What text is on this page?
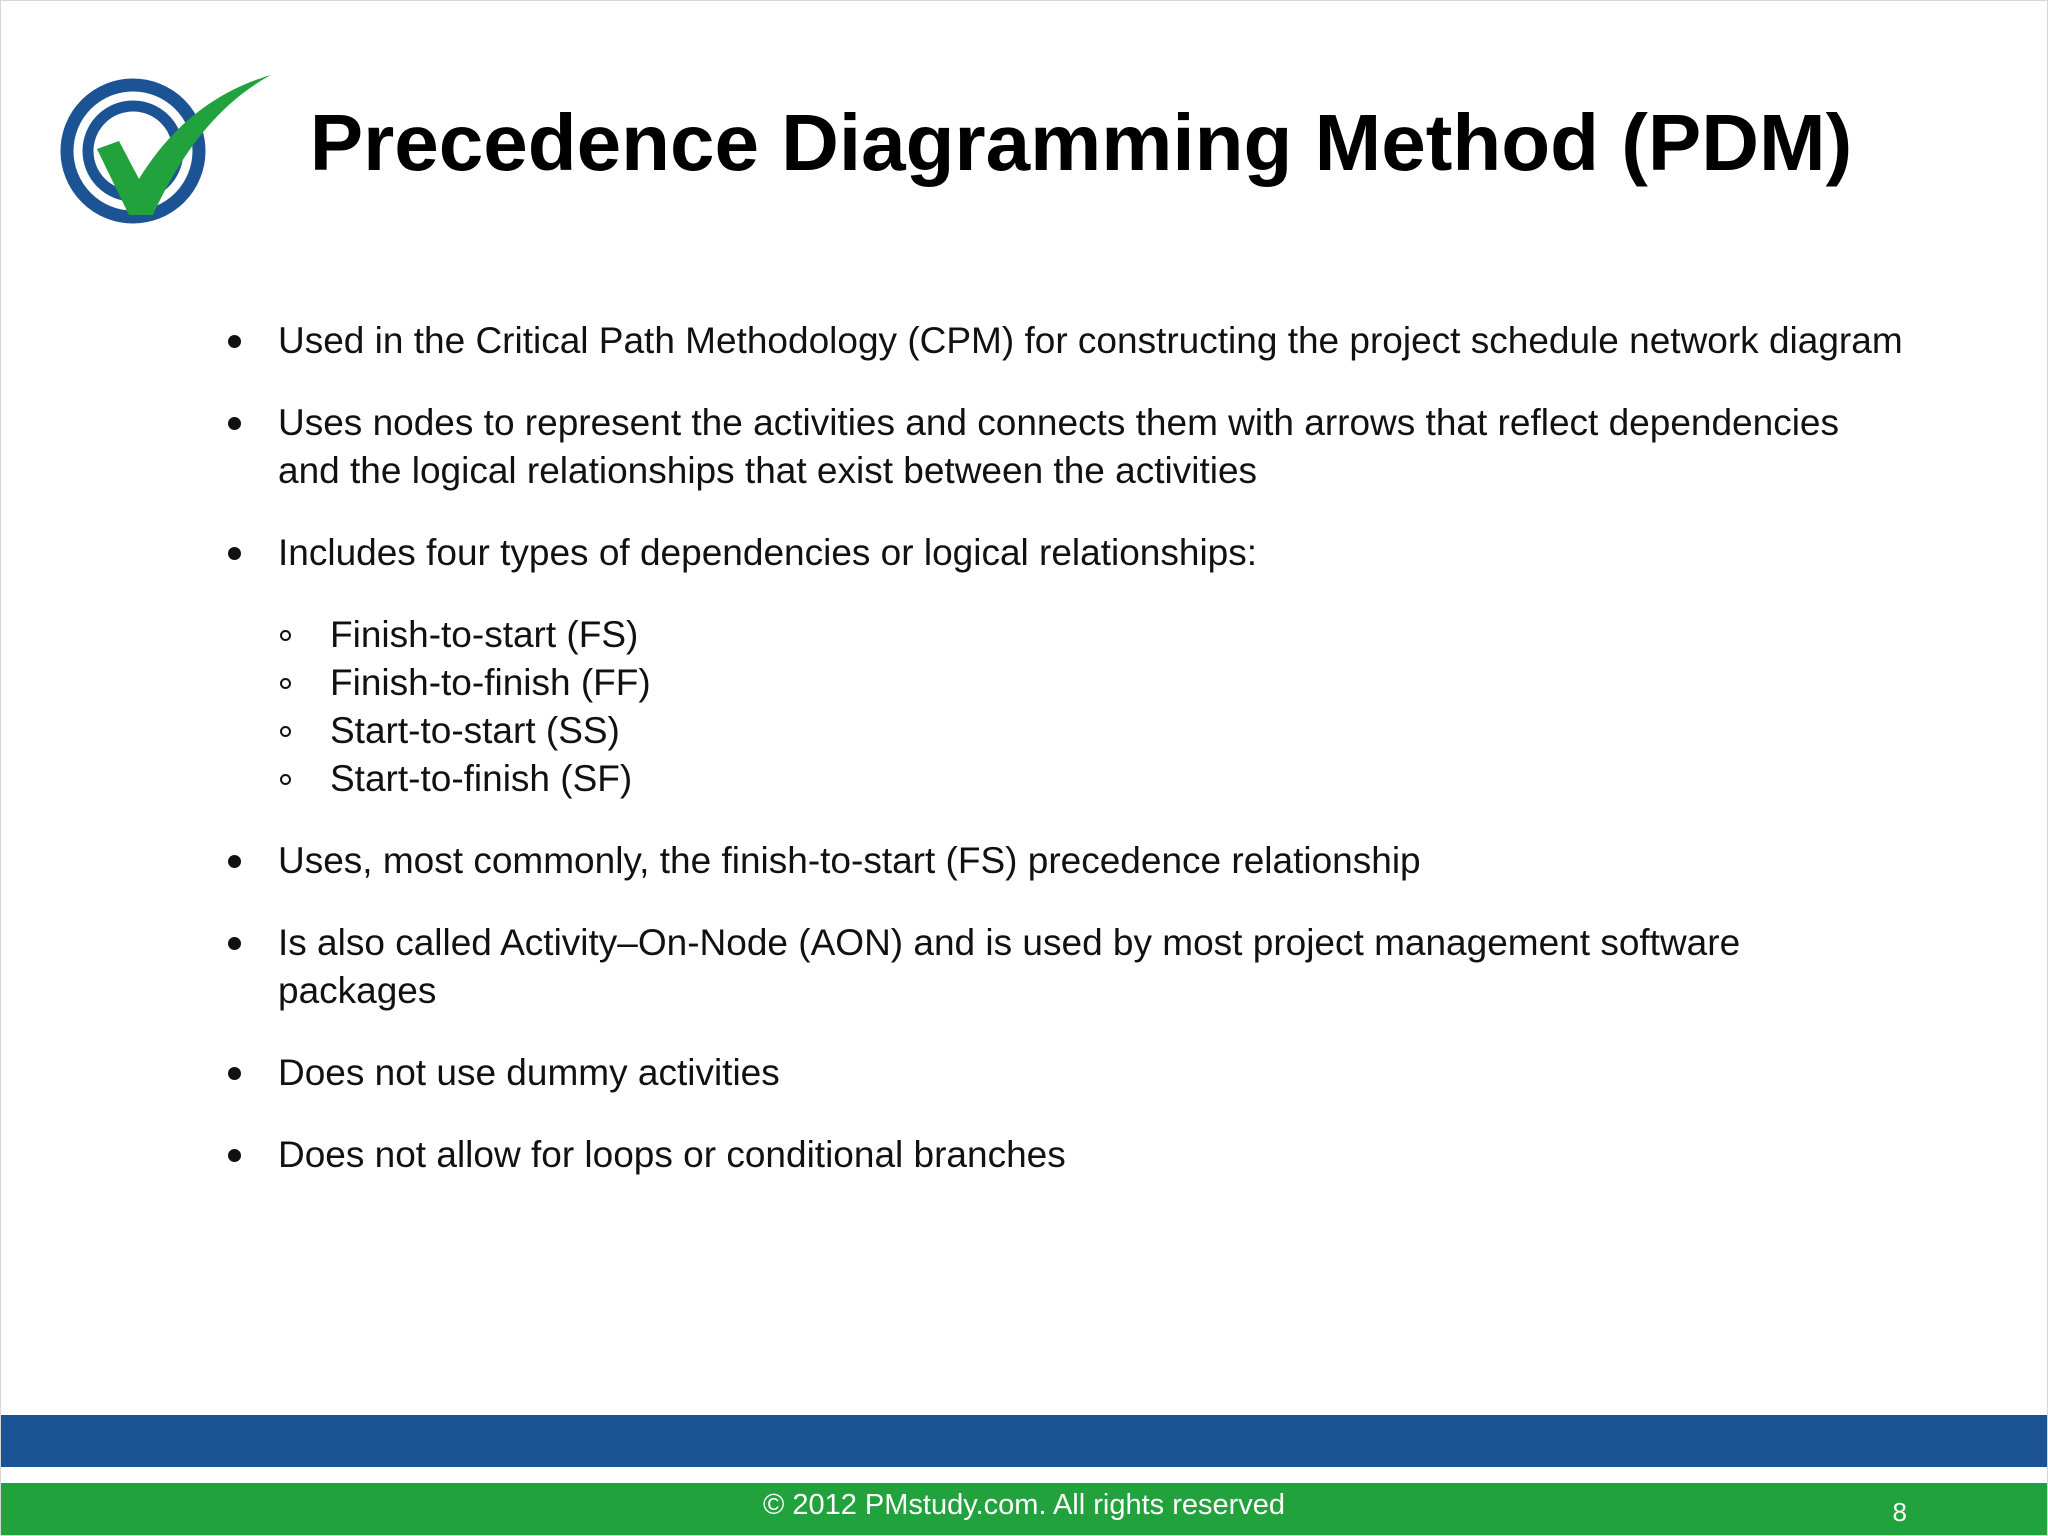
Precedence Diagramming Method (PDM)
Used in the Critical Path Methodology (CPM) for constructing the project schedule network diagram
Uses nodes to represent the activities and connects them with arrows that reflect dependencies and the logical relationships that exist between the activities
Includes four types of dependencies or logical relationships:
Finish-to-start (FS)
Finish-to-finish (FF)
Start-to-start (SS)
Start-to-finish (SF)
Uses, most commonly, the finish-to-start (FS) precedence relationship
Is also called Activity–On-Node (AON) and is used by most project management software packages
Does not use dummy activities
Does not allow for loops or conditional branches
© 2012 PMstudy.com. All rights reserved	8
